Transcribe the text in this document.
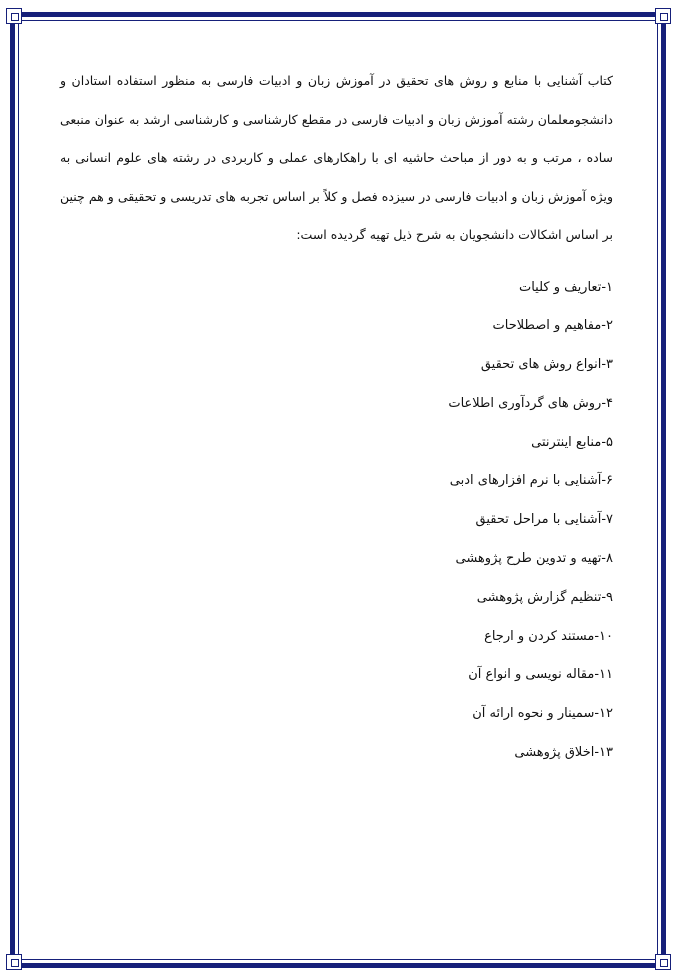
کتاب آشنایی با منابع و روش های تحقیق در آموزش زبان و ادبیات فارسی به منظور استفاده استادان و دانشجومعلمان رشته آموزش زبان و ادبیات فارسی در مقطع کارشناسی و کارشناسی ارشد به عنوان منبعی ساده ، مرتب و به دور از مباحث حاشیه ای با راهکارهای عملی و کاربردی در رشته های علوم انسانی به ویژه آموزش زبان و ادبیات فارسی در سیزده فصل و کلاً بر اساس تجربه های تدریسی و تحقیقی و هم چنین بر اساس اشکالات دانشجویان به شرح ذیل تهیه گردیده است:

۱-تعاریف و کلیات
۲-مفاهیم و اصطلاحات
۳-انواع روش های تحقیق
۴-روش های گردآوری اطلاعات
۵-منابع اینترنتی
۶-آشنایی با نرم افزارهای ادبی
۷-آشنایی با مراحل تحقیق
۸-تهیه و تدوین طرح پژوهشی
۹-تنظیم گزارش پژوهشی
۱۰-مستند کردن و ارجاع
۱۱-مقاله نویسی و انواع آن
۱۲-سمینار و نحوه ارائه آن
۱۳-اخلاق پژوهشی
